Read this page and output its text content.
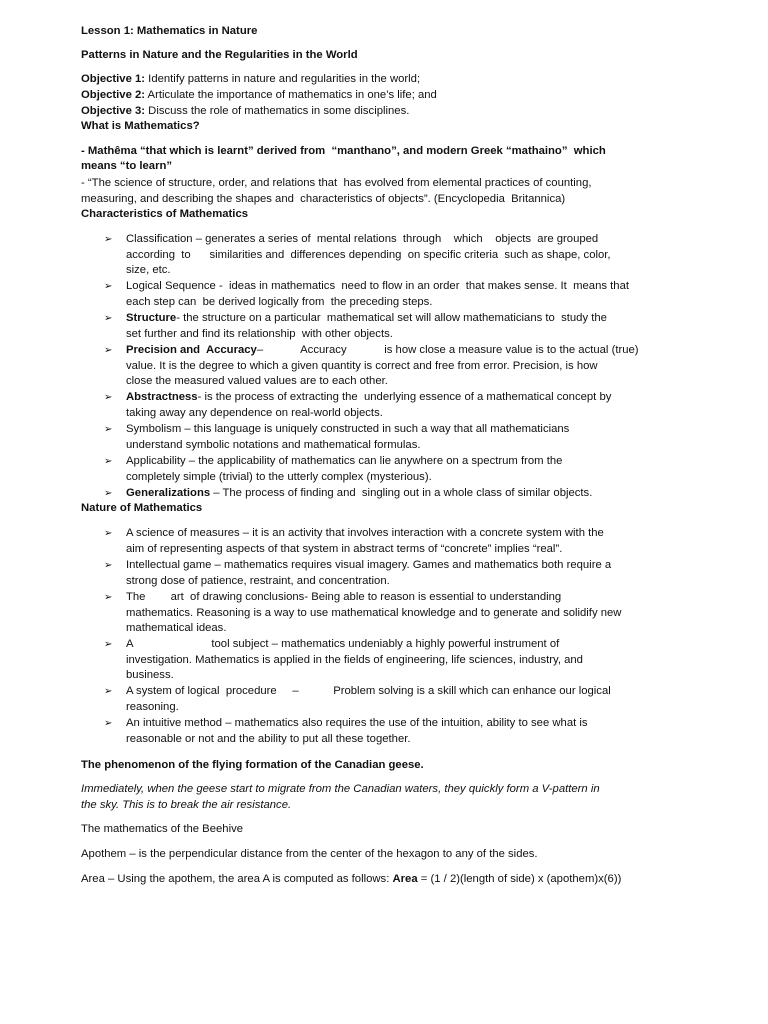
Lesson 1: Mathematics in Nature
Patterns in Nature and the Regularities in the World
Objective 1: Identify patterns in nature and regularities in the world;
Objective 2: Articulate the importance of mathematics in one’s life; and
Objective 3: Discuss the role of mathematics in some disciplines.
What is Mathematics?
- Mathêma “that which is learnt” derived from  “manthano”, and modern Greek “mathaino”  which
means “to learn”
- “The science of structure, order, and relations that  has evolved from elemental practices of counting,
measuring, and describing the shapes and  characteristics of objects”. (Encyclopedia  Britannica)
Characteristics of Mathematics
➢ Classification – generates a series of  mental relations  through    which    objects  are grouped
according  to      similarities and  differences depending  on specific criteria  such as shape, color,
size, etc.
➢ Logical Sequence -  ideas in mathematics  need to flow in an order  that makes sense. It  means that
each step can  be derived logically from  the preceding steps.
➢ Structure- the structure on a particular  mathematical set will allow mathematicians to  study the
set further and find its relationship  with other objects.
➢ Precision and  Accuracy–            Accuracy            is how close a measure value is to the actual (true)
value. It is the degree to which a given quantity is correct and free from error. Precision, is how
close the measured valued values are to each other.
➢ Abstractness- is the process of extracting the  underlying essence of a mathematical concept by
taking away any dependence on real-world objects.
➢ Symbolism – this language is uniquely constructed in such a way that all mathematicians
understand symbolic notations and mathematical formulas.
➢ Applicability – the applicability of mathematics can lie anywhere on a spectrum from the
completely simple (trivial) to the utterly complex (mysterious).
➢ Generalizations – The process of finding and  singling out in a whole class of similar objects.
Nature of Mathematics
➢ A science of measures – it is an activity that involves interaction with a concrete system with the
aim of representing aspects of that system in abstract terms of “concrete” implies “real”.
➢ Intellectual game – mathematics requires visual imagery. Games and mathematics both require a
strong dose of patience, restraint, and concentration.
➢ The        art  of drawing conclusions- Being able to reason is essential to understanding
mathematics. Reasoning is a way to use mathematical knowledge and to generate and solidify new
mathematical ideas.
➢ A                         tool subject – mathematics undeniably a highly powerful instrument of
investigation. Mathematics is applied in the fields of engineering, life sciences, industry, and
business.
➢ A system of logical  procedure     –           Problem solving is a skill which can enhance our logical
reasoning.
➢ An intuitive method – mathematics also requires the use of the intuition, ability to see what is
reasonable or not and the ability to put all these together.
The phenomenon of the flying formation of the Canadian geese.
Immediately, when the geese start to migrate from the Canadian waters, they quickly form a V-pattern in
the sky. This is to break the air resistance.
The mathematics of the Beehive
Apothem – is the perpendicular distance from the center of the hexagon to any of the sides.
Area – Using the apothem, the area A is computed as follows: Area = (1 / 2)(length of side) x (apothem)x(6))
